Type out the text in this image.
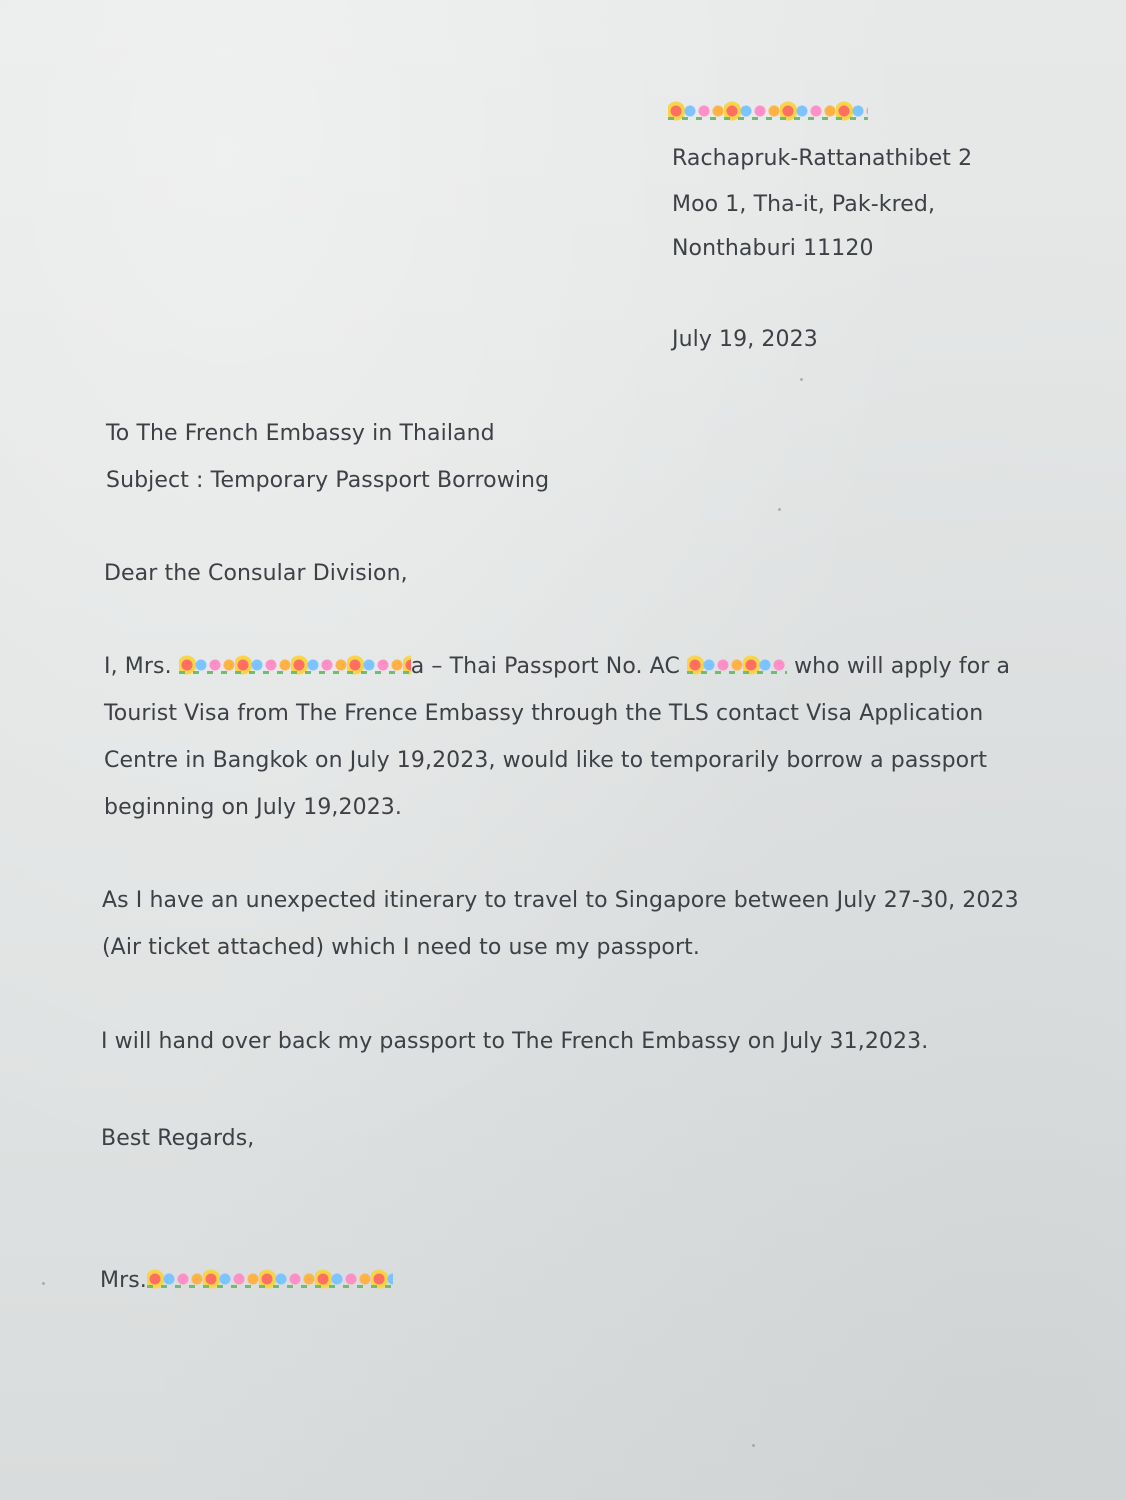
Rachapruk-Rattanathibet 2
Moo 1, Tha-it, Pak-kred,
Nonthaburi 11120
July 19, 2023
To The French Embassy in Thailand
Subject : Temporary Passport Borrowing
Dear the Consular Division,
I, Mrs.	a – Thai Passport No. AC	who will apply for a
Tourist Visa from The Frence Embassy through the TLS contact Visa Application
Centre in Bangkok on July 19,2023, would like to temporarily borrow a passport
beginning on July 19,2023.
As I have an unexpected itinerary to travel to Singapore between July 27-30, 2023
(Air ticket attached) which I need to use my passport.
I will hand over back my passport to The French Embassy on July 31,2023.
Best Regards,
Mrs.
